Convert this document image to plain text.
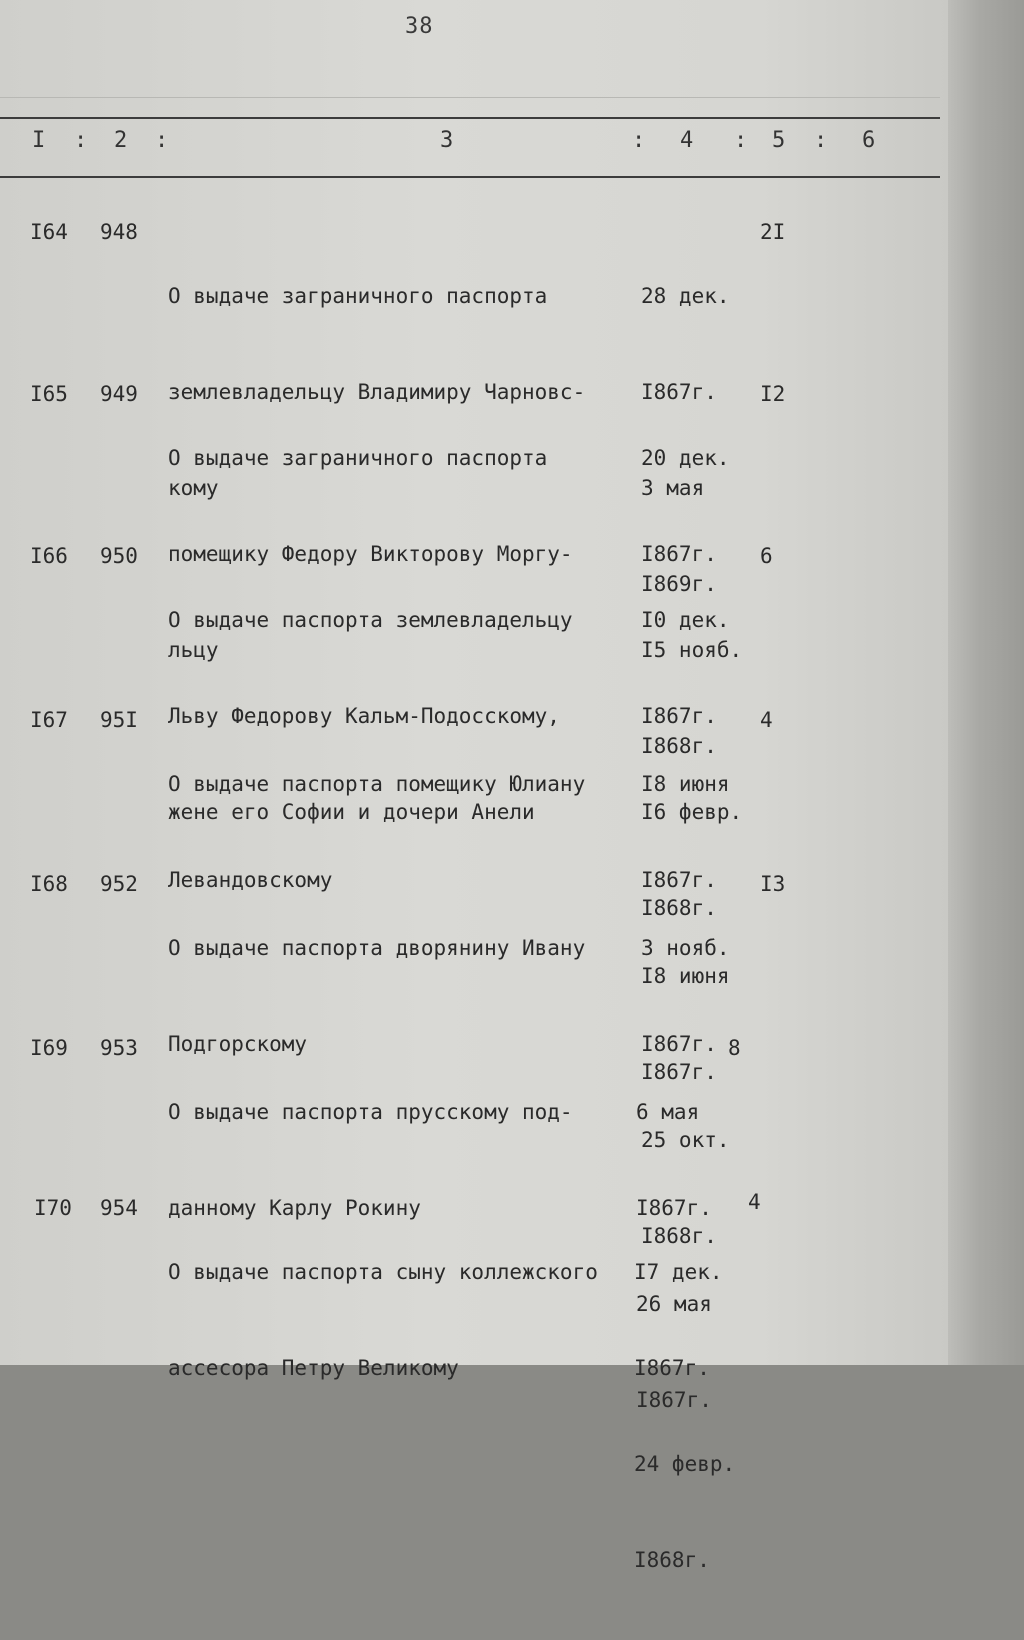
38
I : 2 :	3	: 4 : 5 : 6
I64 948

О выдаче заграничного паспорта

землевладельцу Владимиру Чарновс-

кому

28 дек.

I867г.

3 мая

I869г.

2I
I65 949

О выдаче заграничного паспорта

помещику Федору Викторову Моргу-

льцу

20 дек.

I867г.

I5 нояб.

I868г.

I2
I66 950

О выдаче паспорта землевладельцу

Льву Федорову Кальм-Подосскому,

жене его Софии и дочери Анели

I0 дек.

I867г.

I6 февр.

I868г.

6
I67 95I

О выдаче паспорта помещику Юлиану

Левандовскому

I8 июня

I867г.

I8 июня

I867г.

4
I68 952

О выдаче паспорта дворянину Ивану

Подгорскому

3 нояб.

I867г.

25 окт.

I868г.

I3
I69 953

О выдаче паспорта прусскому под-

данному Карлу Рокину

6 мая

I867г.

26 мая

I867г.

8
I70 954

О выдаче паспорта сыну коллежского

ассесора Петру Великому

I7 дек.

I867г.

24 февр.

I868г.

4
